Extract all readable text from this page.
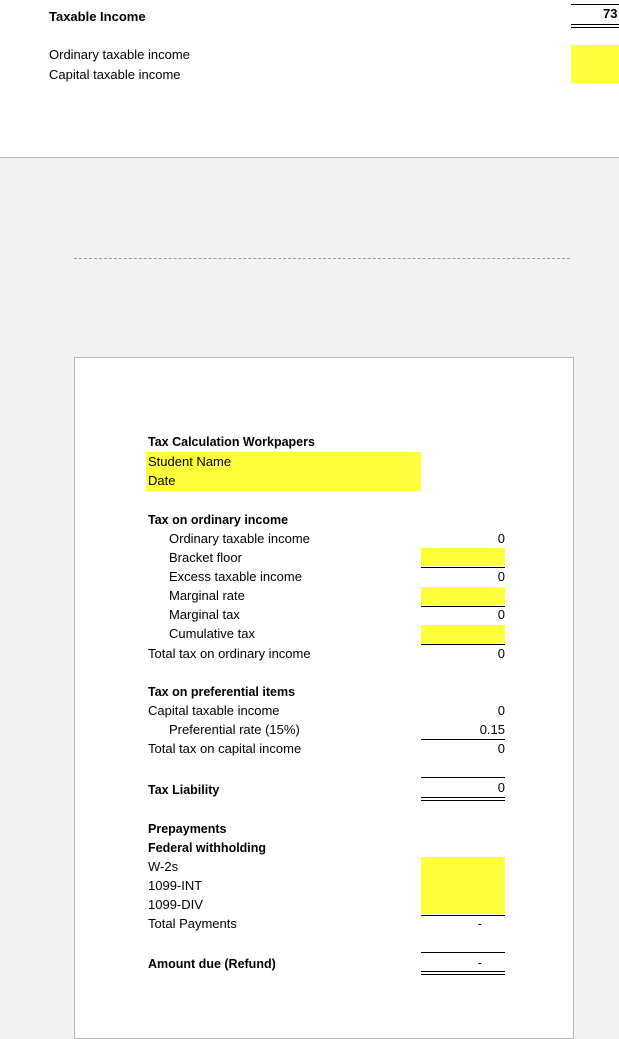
Taxable Income	73
Ordinary taxable income
Capital taxable income
Tax Calculation Workpapers
Student Name
Date
Tax on ordinary income
Ordinary taxable income	0
Bracket floor
Excess taxable income	0
Marginal rate
Marginal tax	0
Cumulative tax
Total tax on ordinary income	0
Tax on preferential items
Capital taxable income	0
Preferential rate (15%)	0.15
Total tax on capital income	0
Tax Liability	0
Prepayments
Federal withholding
W-2s
1099-INT
1099-DIV
Total Payments	-
Amount due (Refund)	-
